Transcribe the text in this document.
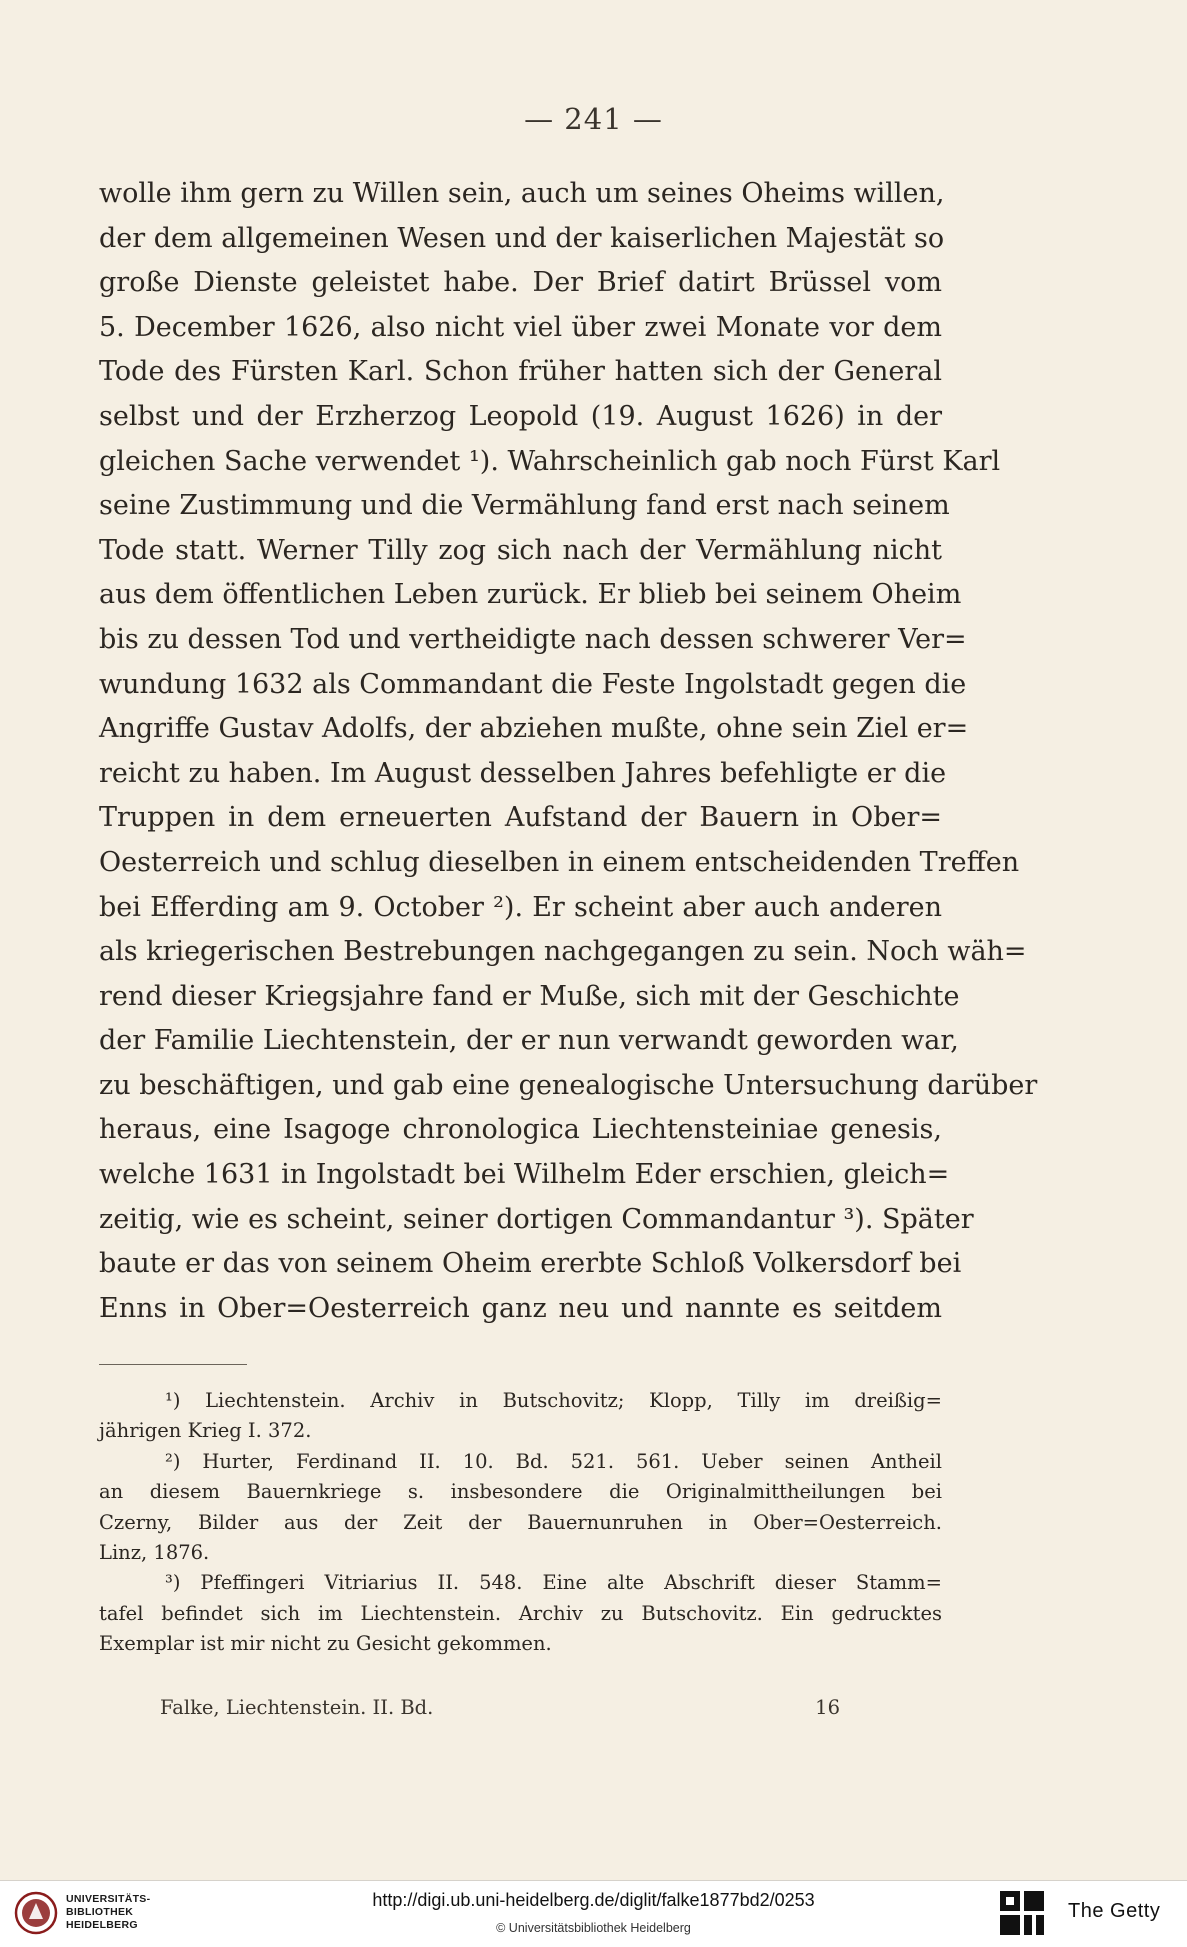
— 241 —
wolle ihm gern zu Willen sein, auch um seines Oheims willen,
der dem allgemeinen Wesen und der kaiserlichen Majestät so
große Dienste geleistet habe. Der Brief datirt Brüssel vom
5. December 1626, also nicht viel über zwei Monate vor dem
Tode des Fürsten Karl. Schon früher hatten sich der General
selbst und der Erzherzog Leopold (19. August 1626) in der
gleichen Sache verwendet ¹). Wahrscheinlich gab noch Fürst Karl
seine Zustimmung und die Vermählung fand erst nach seinem
Tode statt. Werner Tilly zog sich nach der Vermählung nicht
aus dem öffentlichen Leben zurück. Er blieb bei seinem Oheim
bis zu dessen Tod und vertheidigte nach dessen schwerer Ver=
wundung 1632 als Commandant die Feste Ingolstadt gegen die
Angriffe Gustav Adolfs, der abziehen mußte, ohne sein Ziel er=
reicht zu haben. Im August desselben Jahres befehligte er die
Truppen in dem erneuerten Aufstand der Bauern in Ober=
Oesterreich und schlug dieselben in einem entscheidenden Treffen
bei Efferding am 9. October ²). Er scheint aber auch anderen
als kriegerischen Bestrebungen nachgegangen zu sein. Noch wäh=
rend dieser Kriegsjahre fand er Muße, sich mit der Geschichte
der Familie Liechtenstein, der er nun verwandt geworden war,
zu beschäftigen, und gab eine genealogische Untersuchung darüber
heraus, eine Isagoge chronologica Liechtensteiniae genesis,
welche 1631 in Ingolstadt bei Wilhelm Eder erschien, gleich=
zeitig, wie es scheint, seiner dortigen Commandantur ³). Später
baute er das von seinem Oheim ererbte Schloß Volkersdorf bei
Enns in Ober=Oesterreich ganz neu und nannte es seitdem
¹) Liechtenstein. Archiv in Butschovitz; Klopp, Tilly im dreißig=
jährigen Krieg I. 372.
²) Hurter, Ferdinand II. 10. Bd. 521. 561. Ueber seinen Antheil
an diesem Bauernkriege s. insbesondere die Originalmittheilungen bei
Czerny, Bilder aus der Zeit der Bauernunruhen in Ober=Oesterreich.
Linz, 1876.
³) Pfeffingeri Vitriarius II. 548. Eine alte Abschrift dieser Stamm=
tafel befindet sich im Liechtenstein. Archiv zu Butschovitz. Ein gedrucktes
Exemplar ist mir nicht zu Gesicht gekommen.
Falke, Liechtenstein. II. Bd.	16
UNIVERSITÄTS-
BIBLIOTHEK
HEIDELBERG
http://digi.ub.uni-heidelberg.de/diglit/falke1877bd2/0253
© Universitätsbibliothek Heidelberg
The Getty
